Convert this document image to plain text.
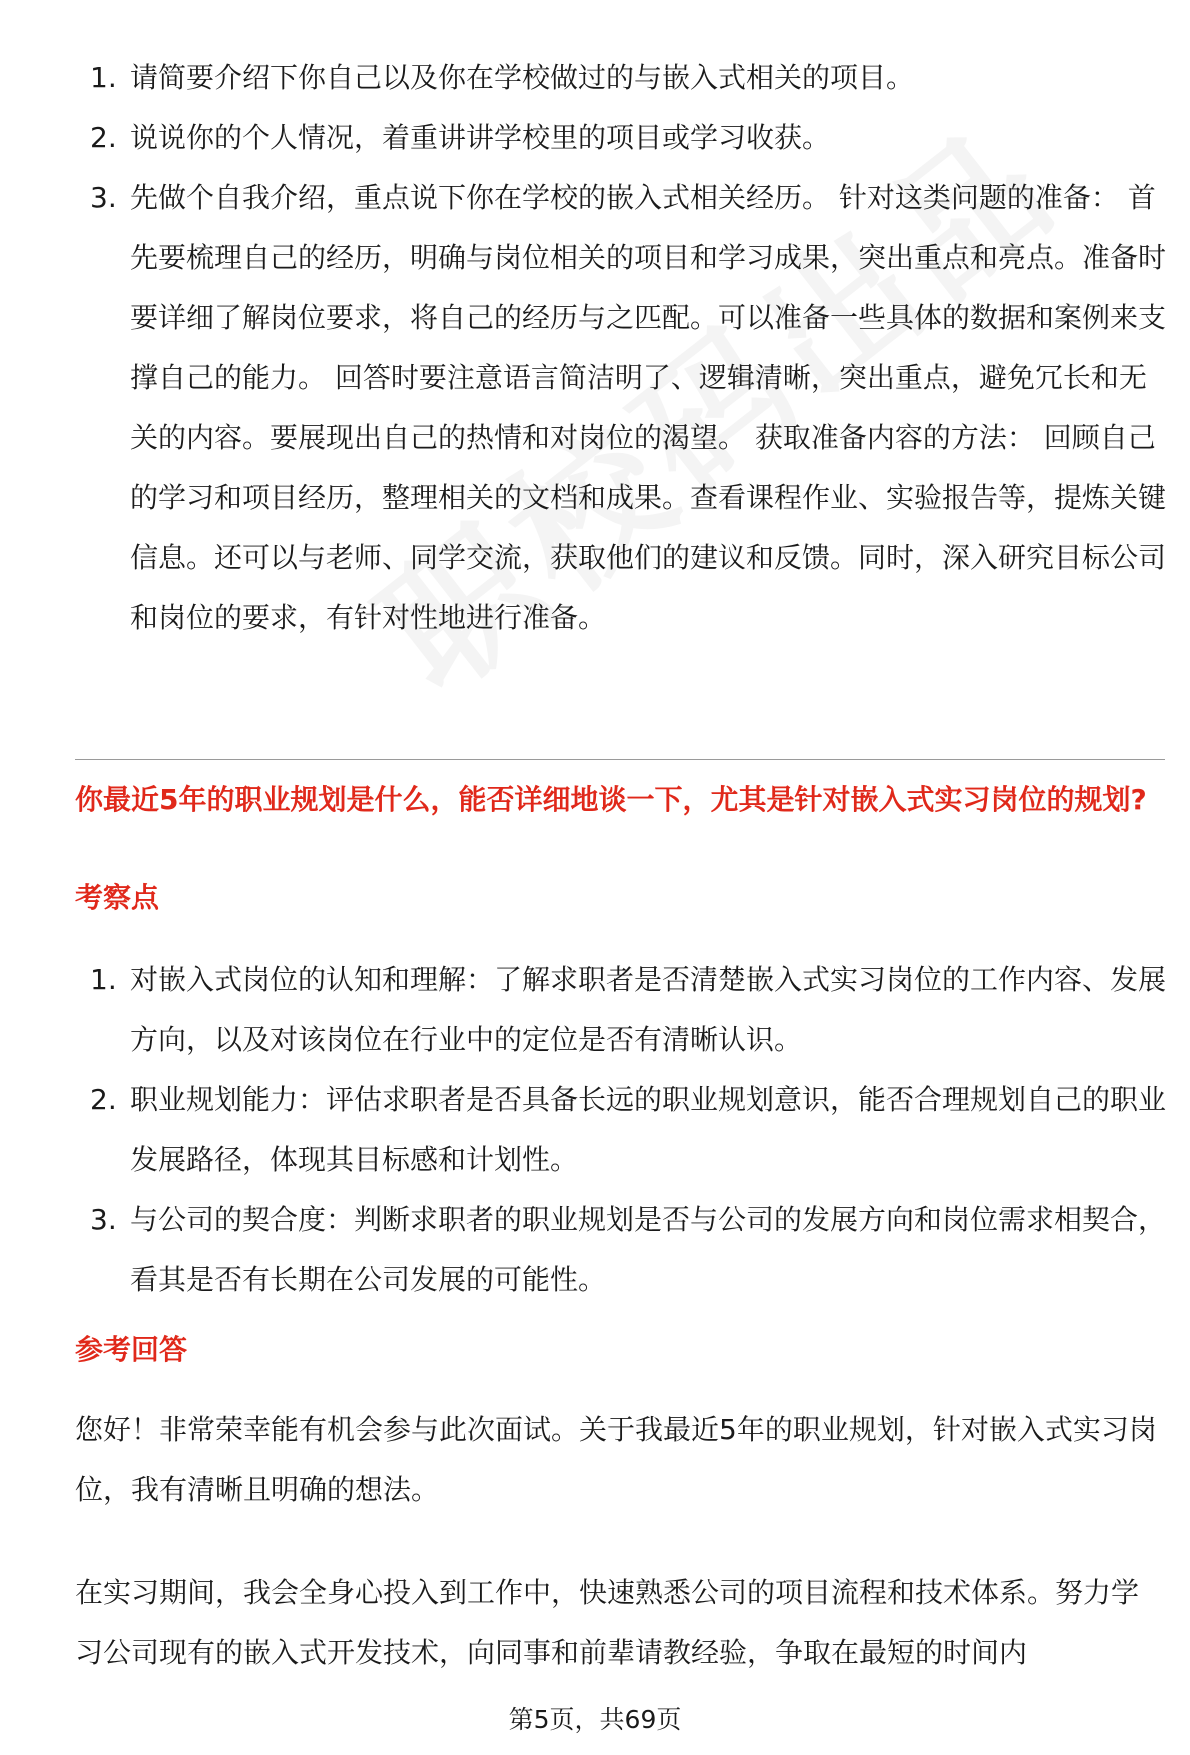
1. 请简要介绍下你自己以及你在学校做过的与嵌入式相关的项目。
2. 说说你的个人情况，着重讲讲学校里的项目或学习收获。
3. 先做个自我介绍，重点说下你在学校的嵌入式相关经历。 针对这类问题的准备： 首先要梳理自己的经历，明确与岗位相关的项目和学习成果，突出重点和亮点。准备时要详细了解岗位要求，将自己的经历与之匹配。可以准备一些具体的数据和案例来支撑自己的能力。 回答时要注意语言简洁明了、逻辑清晰，突出重点，避免冗长和无关的内容。要展现出自己的热情和对岗位的渴望。 获取准备内容的方法： 回顾自己的学习和项目经历，整理相关的文档和成果。查看课程作业、实验报告等，提炼关键信息。还可以与老师、同学交流，获取他们的建议和反馈。同时，深入研究目标公司和岗位的要求，有针对性地进行准备。
你最近5年的职业规划是什么，能否详细地谈一下，尤其是针对嵌入式实习岗位的规划?
考察点
1. 对嵌入式岗位的认知和理解：了解求职者是否清楚嵌入式实习岗位的工作内容、发展方向，以及对该岗位在行业中的定位是否有清晰认识。
2. 职业规划能力：评估求职者是否具备长远的职业规划意识，能否合理规划自己的职业发展路径，体现其目标感和计划性。
3. 与公司的契合度：判断求职者的职业规划是否与公司的发展方向和岗位需求相契合，看其是否有长期在公司发展的可能性。
参考回答
您好！非常荣幸能有机会参与此次面试。关于我最近5年的职业规划，针对嵌入式实习岗位，我有清晰且明确的想法。
在实习期间，我会全身心投入到工作中，快速熟悉公司的项目流程和技术体系。努力学习公司现有的嵌入式开发技术，向同事和前辈请教经验，争取在最短的时间内
第5页，共69页
